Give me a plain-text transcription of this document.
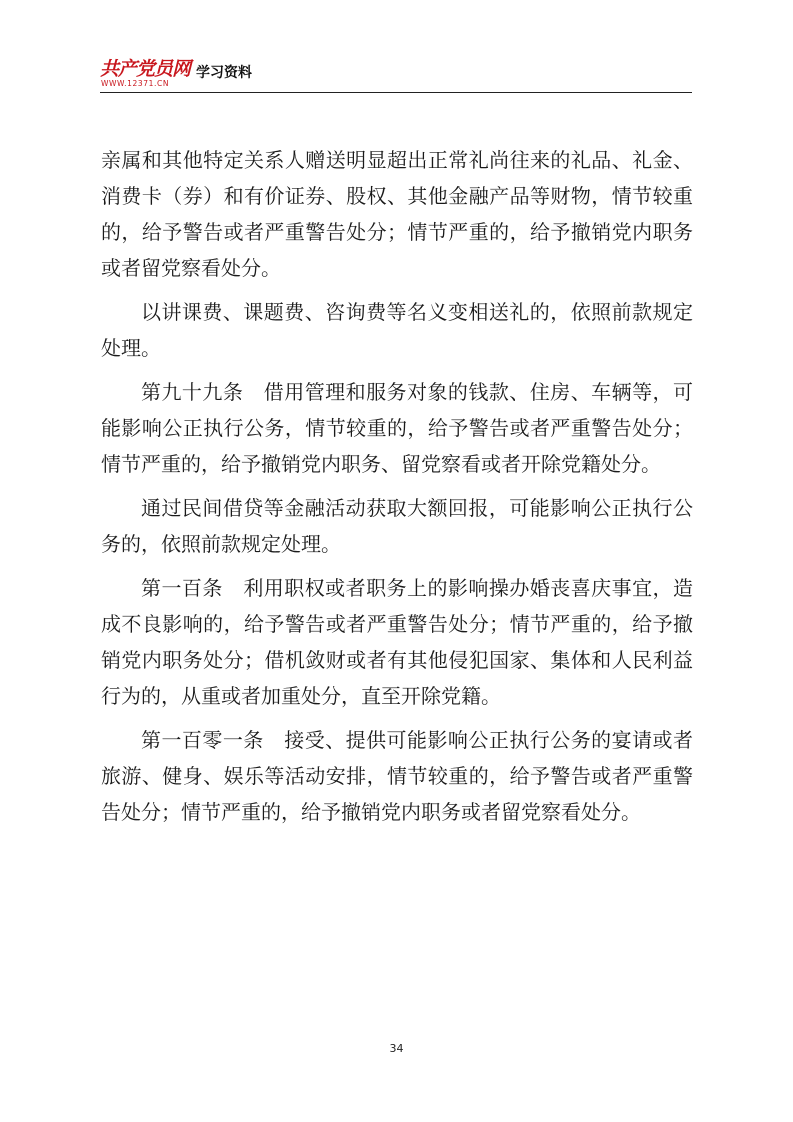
共产党员网
WWW.12371.CN
学习资料

亲属和其他特定关系人赠送明显超出正常礼尚往来的礼品、礼金、消费卡（券）和有价证券、股权、其他金融产品等财物，情节较重的，给予警告或者严重警告处分；情节严重的，给予撤销党内职务或者留党察看处分。

以讲课费、课题费、咨询费等名义变相送礼的，依照前款规定处理。

第九十九条 借用管理和服务对象的钱款、住房、车辆等，可能影响公正执行公务，情节较重的，给予警告或者严重警告处分；情节严重的，给予撤销党内职务、留党察看或者开除党籍处分。

通过民间借贷等金融活动获取大额回报，可能影响公正执行公务的，依照前款规定处理。

第一百条 利用职权或者职务上的影响操办婚丧喜庆事宜，造成不良影响的，给予警告或者严重警告处分；情节严重的，给予撤销党内职务处分；借机敛财或者有其他侵犯国家、集体和人民利益行为的，从重或者加重处分，直至开除党籍。

第一百零一条 接受、提供可能影响公正执行公务的宴请或者旅游、健身、娱乐等活动安排，情节较重的，给予警告或者严重警告处分；情节严重的，给予撤销党内职务或者留党察看处分。

34
